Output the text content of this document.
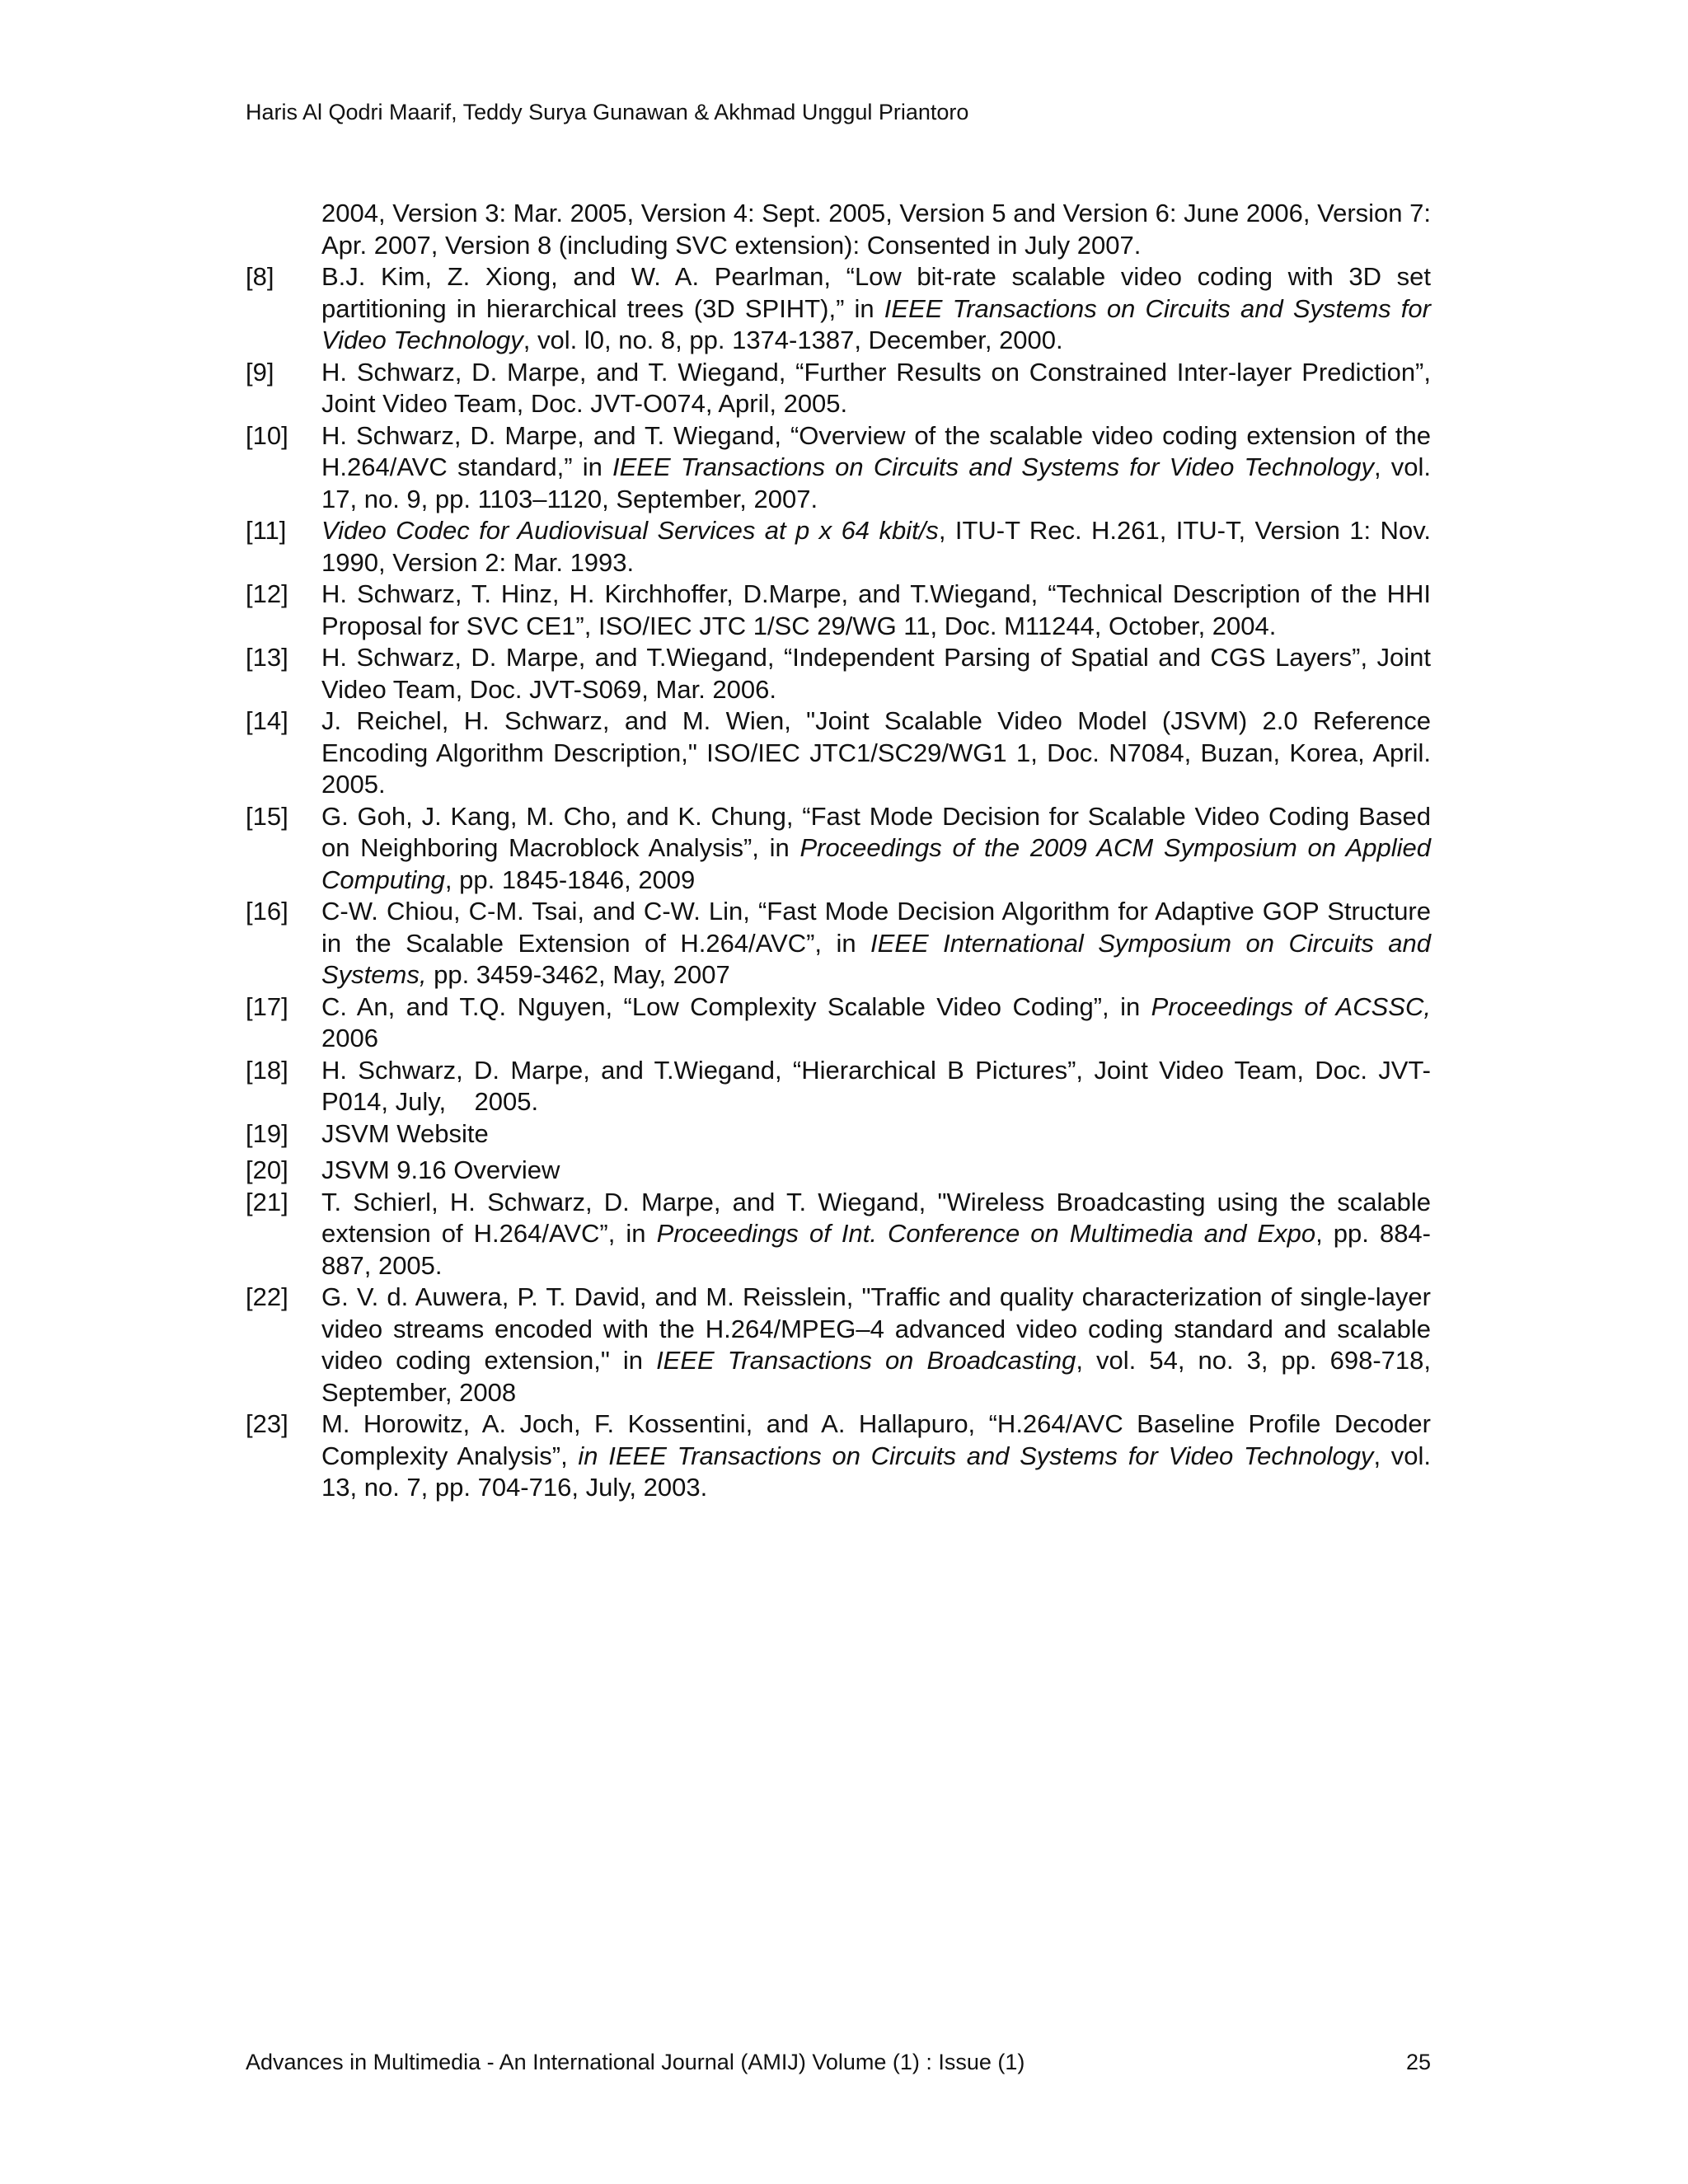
Haris Al Qodri Maarif, Teddy Surya Gunawan & Akhmad Unggul Priantoro
2004, Version 3: Mar. 2005, Version 4: Sept. 2005, Version 5 and Version 6: June 2006, Version 7: Apr. 2007, Version 8 (including SVC extension): Consented in July 2007.
[8]	B.J. Kim, Z. Xiong, and W. A. Pearlman, “Low bit-rate scalable video coding with 3D set partitioning in hierarchical trees (3D SPIHT),” in IEEE Transactions on Circuits and Systems for Video Technology, vol. l0, no. 8, pp. 1374-1387, December, 2000.
[9]	H. Schwarz, D. Marpe, and T. Wiegand, “Further Results on Constrained Inter-layer Prediction”, Joint Video Team, Doc. JVT-O074, April, 2005.
[10]	H. Schwarz, D. Marpe, and T. Wiegand, “Overview of the scalable video coding extension of the H.264/AVC standard,” in IEEE Transactions on Circuits and Systems for Video Technology, vol. 17, no. 9, pp. 1103–1120, September, 2007.
[11]	Video Codec for Audiovisual Services at p x 64 kbit/s, ITU-T Rec. H.261, ITU-T, Version 1: Nov. 1990, Version 2: Mar. 1993.
[12]	H. Schwarz, T. Hinz, H. Kirchhoffer, D.Marpe, and T.Wiegand, “Technical Description of the HHI Proposal for SVC CE1”, ISO/IEC JTC 1/SC 29/WG 11, Doc. M11244, October, 2004.
[13]	H. Schwarz, D. Marpe, and T.Wiegand, “Independent Parsing of Spatial and CGS Layers”, Joint Video Team, Doc. JVT-S069, Mar. 2006.
[14]	J. Reichel, H. Schwarz, and M. Wien, "Joint Scalable Video Model (JSVM) 2.0 Reference Encoding Algorithm Description," ISO/IEC JTC1/SC29/WG1 1, Doc. N7084, Buzan, Korea, April. 2005.
[15]	G. Goh, J. Kang, M. Cho, and K. Chung, “Fast Mode Decision for Scalable Video Coding Based on Neighboring Macroblock Analysis”, in Proceedings of the 2009 ACM Symposium on Applied Computing, pp. 1845-1846, 2009
[16]	C-W. Chiou, C-M. Tsai, and C-W. Lin, “Fast Mode Decision Algorithm for Adaptive GOP Structure in the Scalable Extension of H.264/AVC”, in IEEE International Symposium on Circuits and Systems, pp. 3459-3462, May, 2007
[17]	C. An, and T.Q. Nguyen, “Low Complexity Scalable Video Coding”, in Proceedings of ACSSC, 2006
[18]	H. Schwarz, D. Marpe, and T.Wiegand, “Hierarchical B Pictures”, Joint Video Team, Doc. JVT-P014, July,    2005.
[19]	JSVM Website
[20]	JSVM 9.16 Overview
[21]	T. Schierl, H. Schwarz, D. Marpe, and T. Wiegand, "Wireless Broadcasting using the scalable extension of H.264/AVC”, in Proceedings of Int. Conference on Multimedia and Expo, pp. 884-887, 2005.
[22]	G. V. d. Auwera, P. T. David, and M. Reisslein, "Traffic and quality characterization of single-layer video streams encoded with the H.264/MPEG–4 advanced video coding standard and scalable video coding extension," in IEEE Transactions on Broadcasting, vol. 54, no. 3, pp. 698-718, September, 2008
[23]	M. Horowitz, A. Joch, F. Kossentini, and A. Hallapuro, “H.264/AVC Baseline Profile Decoder Complexity Analysis”, in IEEE Transactions on Circuits and Systems for Video Technology, vol. 13, no. 7, pp. 704-716, July, 2003.
Advances in Multimedia - An International Journal (AMIJ) Volume (1) : Issue (1)	25
